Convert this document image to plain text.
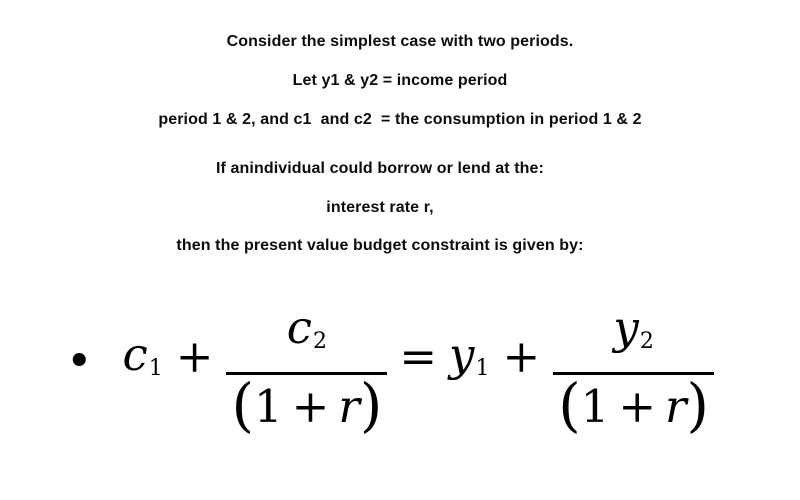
Consider the simplest case with two periods.
Let y1 & y2 = income period
period 1 & 2, and c1  and c2  = the consumption in period 1 & 2
If anindividual could borrow or lend at the:
interest rate r,
then the present value budget constraint is given by:
• $c_1 + \frac{c_2}{(1 + r)} = y_1 + \frac{y_2}{(1 + r)}$
